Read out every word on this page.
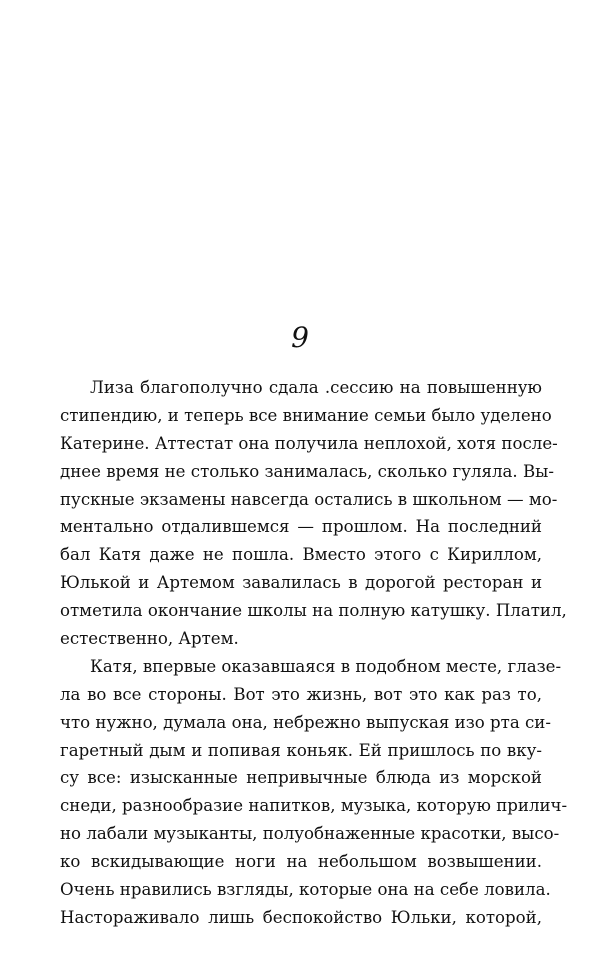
9
Лиза благополучно сдала .сессию на повышенную
стипендию, и теперь все внимание семьи было уделено
Катерине. Аттестат она получила неплохой, хотя после-
днее время не столько занималась, сколько гуляла. Вы-
пускные экзамены навсегда остались в школьном — мо-
ментально отдалившемся — прошлом. На последний
бал Катя даже не пошла. Вместо этого с Кириллом,
Юлькой и Артемом завалилась в дорогой ресторан и
отметила окончание школы на полную катушку. Платил,
естественно, Артем.
Катя, впервые оказавшаяся в подобном месте, глазе-
ла во все стороны. Вот это жизнь, вот это как раз то,
что нужно, думала она, небрежно выпуская изо рта си-
гаретный дым и попивая коньяк. Ей пришлось по вку-
су все: изысканные непривычные блюда из морской
снеди, разнообразие напитков, музыка, которую прилич-
но лабали музыканты, полуобнаженные красотки, высо-
ко вскидывающие ноги на небольшом возвышении.
Очень нравились взгляды, которые она на себе ловила.
Настораживало лишь беспокойство Юльки, которой,
